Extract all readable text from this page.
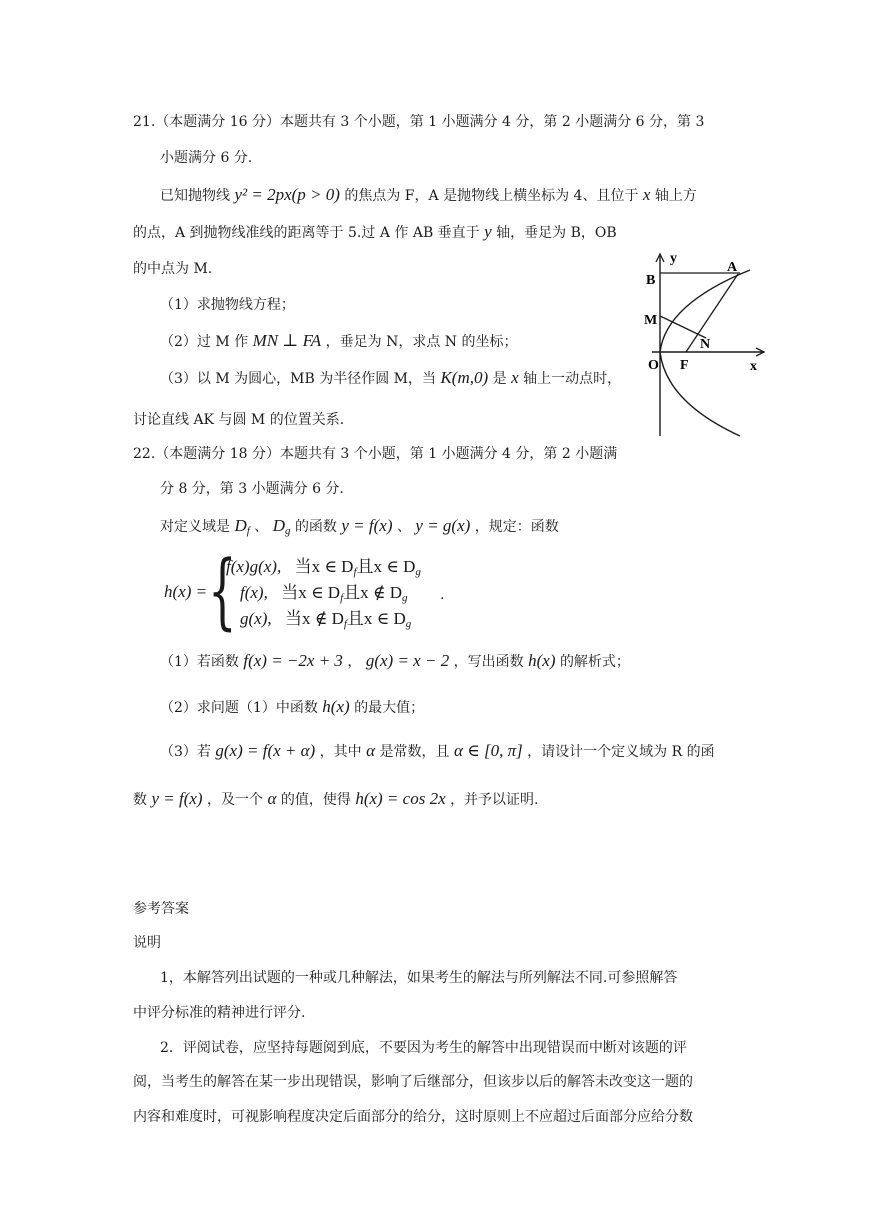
21.（本题满分 16 分）本题共有 3 个小题，第 1 小题满分 4 分，第 2 小题满分 6 分，第 3
小题满分 6 分.
已知抛物线 y² = 2px(p > 0) 的焦点为 F，A 是抛物线上横坐标为 4、且位于 x 轴上方
的点，A 到抛物线准线的距离等于 5.过 A 作 AB 垂直于 y 轴，垂足为 B，OB
的中点为 M.
（1）求抛物线方程；
（2）过 M 作 MN ⊥ FA ，垂足为 N，求点 N 的坐标；
（3）以 M 为圆心，MB 为半径作圆 M，当 K(m,0) 是 x 轴上一动点时，
讨论直线 AK 与圆 M 的位置关系.
y
x
B
A
M
N
O F
22.（本题满分 18 分）本题共有 3 个小题，第 1 小题满分 4 分，第 2 小题满
分 8 分，第 3 小题满分 6 分.
对定义域是 $D_f$ 、 $D_g$ 的函数 y = f(x) 、 y = g(x) ，规定：函数
h(x) = {
f(x)g(x), 当x ∈ $D_f$且x ∈ $D_g$
f(x), 当x ∈ $D_f$且x ∉ $D_g$
g(x), 当x ∉ $D_f$且x ∈ $D_g$
.
（1）若函数 f(x) = −2x + 3 ， g(x) = x − 2 ，写出函数 h(x) 的解析式；
（2）求问题（1）中函数 h(x) 的最大值；
（3）若 g(x) = f(x + α) ，其中 α 是常数，且 α ∈ [0, π] ，请设计一个定义域为 R 的函
数 y = f(x) ，及一个 α 的值，使得 h(x) = cos 2x ，并予以证明.
参考答案
说明
1，本解答列出试题的一种或几种解法，如果考生的解法与所列解法不同.可参照解答
中评分标准的精神进行评分.
2．评阅试卷，应坚持每题阅到底，不要因为考生的解答中出现错误而中断对该题的评
阅，当考生的解答在某一步出现错误，影响了后继部分，但该步以后的解答未改变这一题的
内容和难度时，可视影响程度决定后面部分的给分，这时原则上不应超过后面部分应给分数
